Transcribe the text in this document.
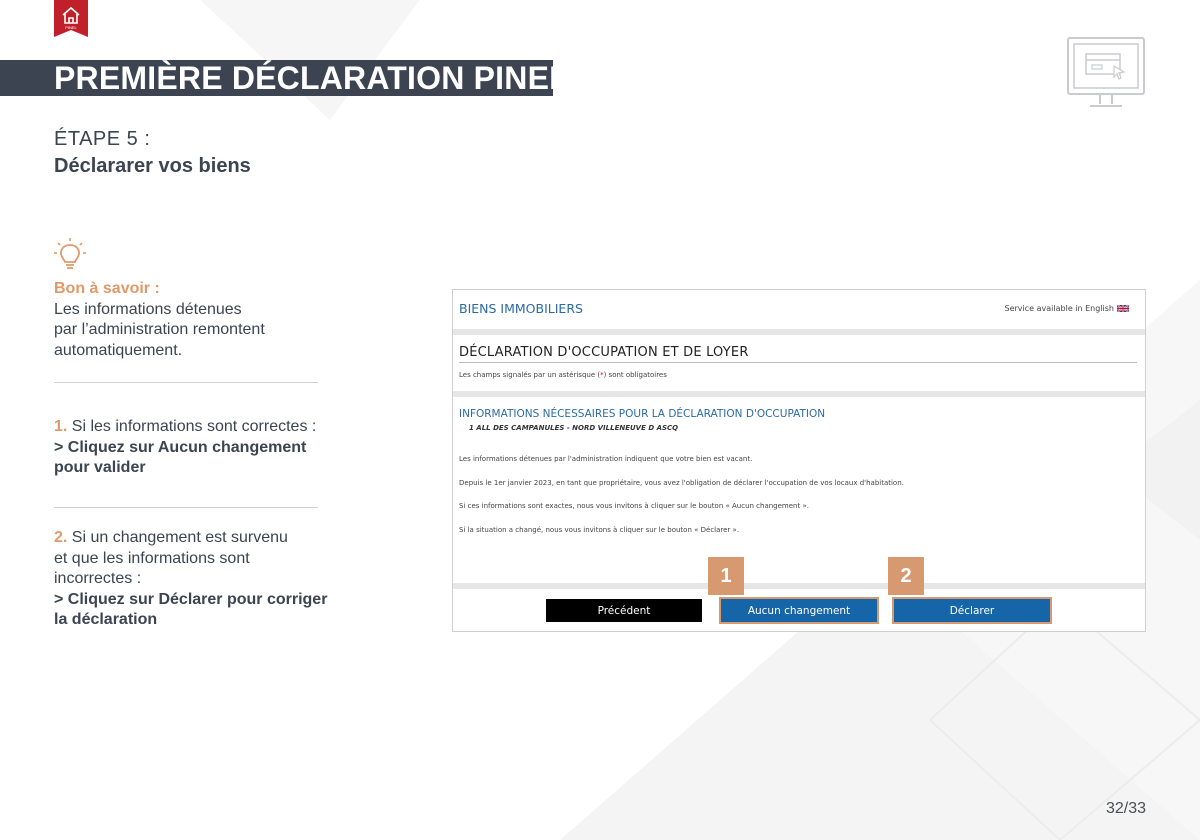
PINEL
PREMIÈRE DÉCLARATION PINEL
ÉTAPE 5 :
Déclararer vos biens
Bon à savoir :
Les informations détenues
par l’administration remontent
automatiquement.
1. Si les informations sont correctes :
> Cliquez sur Aucun changement
pour valider
2. Si un changement est survenu
et que les informations sont
incorrectes :
> Cliquez sur Déclarer pour corriger
la déclaration
BIENS IMMOBILIERS	Service available in English
DÉCLARATION D'OCCUPATION ET DE LOYER
Les champs signalés par un astérisque (*) sont obligatoires
INFORMATIONS NÉCESSAIRES POUR LA DÉCLARATION D'OCCUPATION
1 ALL DES CAMPANULES - NORD VILLENEUVE D ASCQ
Les informations détenues par l'administration indiquent que votre bien est vacant.
Depuis le 1er janvier 2023, en tant que propriétaire, vous avez l'obligation de déclarer l'occupation de vos locaux d'habitation.
Si ces informations sont exactes, nous vous invitons à cliquer sur le bouton « Aucun changement ».
Si la situation a changé, nous vous invitons à cliquer sur le bouton « Déclarer ».
Précédent	Aucun changement	Déclarer
1	2
32/33
